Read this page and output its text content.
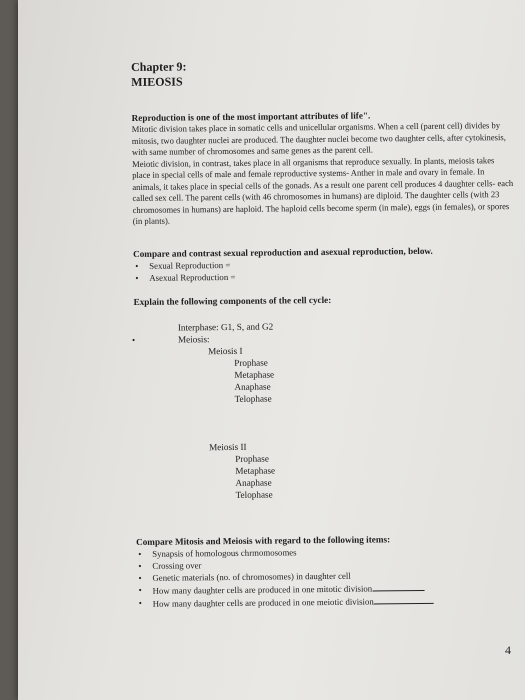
Chapter 9:
MIEOSIS
Reproduction is one of the most important attributes of life".
Mitotic division takes place in somatic cells and unicellular organisms. When a cell (parent cell) divides by mitosis, two daughter nuclei are produced. The daughter nuclei become two daughter cells, after cytokinesis, with same number of chromosomes and same genes as the parent cell.
Meiotic division, in contrast, takes place in all organisms that reproduce sexually. In plants, meiosis takes place in special cells of male and female reproductive systems- Anther in male and ovary in female. In animals, it takes place in special cells of the gonads. As a result one parent cell produces 4 daughter cells- each called sex cell. The parent cells (with 46 chromosomes in humans) are diploid. The daughter cells (with 23 chromosomes in humans) are haploid. The haploid cells become sperm (in male), eggs (in females), or spores (in plants).
Compare and contrast sexual reproduction and asexual reproduction, below.
• Sexual Reproduction =
• Asexual Reproduction =
Explain the following components of the cell cycle:
Interphase: G1, S, and G2
•	Meiosis:
Meiosis I
Prophase
Metaphase
Anaphase
Telophase
Meiosis II
Prophase
Metaphase
Anaphase
Telophase
Compare Mitosis and Meiosis with regard to the following items:
• Synapsis of homologous chrmomosomes
• Crossing over
• Genetic materials (no. of chromosomes) in daughter cell
• How many daughter cells are produced in one mitotic division
• How many daughter cells are produced in one meiotic division
4
